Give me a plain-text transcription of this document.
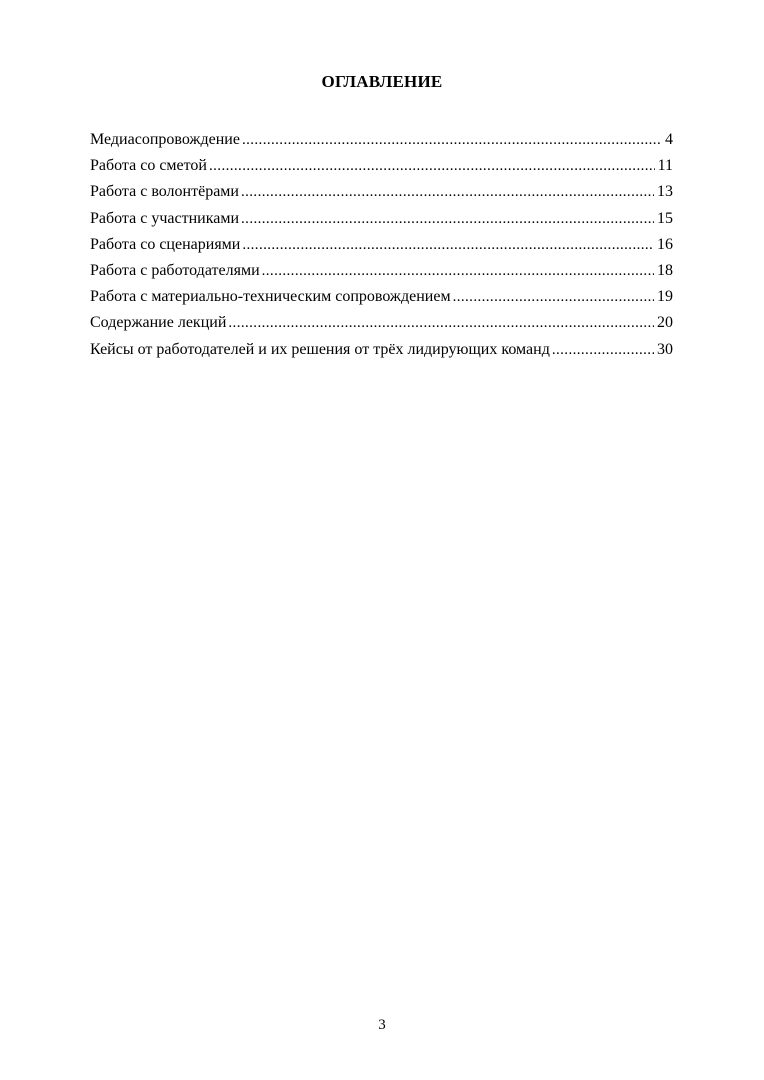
ОГЛАВЛЕНИЕ
Медиасопровождение .....	4
Работа со сметой .....	11
Работа с волонтёрами .....	13
Работа с участниками .....	15
Работа со сценариями .....	16
Работа с работодателями .....	18
Работа с материально-техническим сопровождением .....	19
Содержание лекций .....	20
Кейсы от работодателей и их решения от трёх лидирующих команд .....	30
3
